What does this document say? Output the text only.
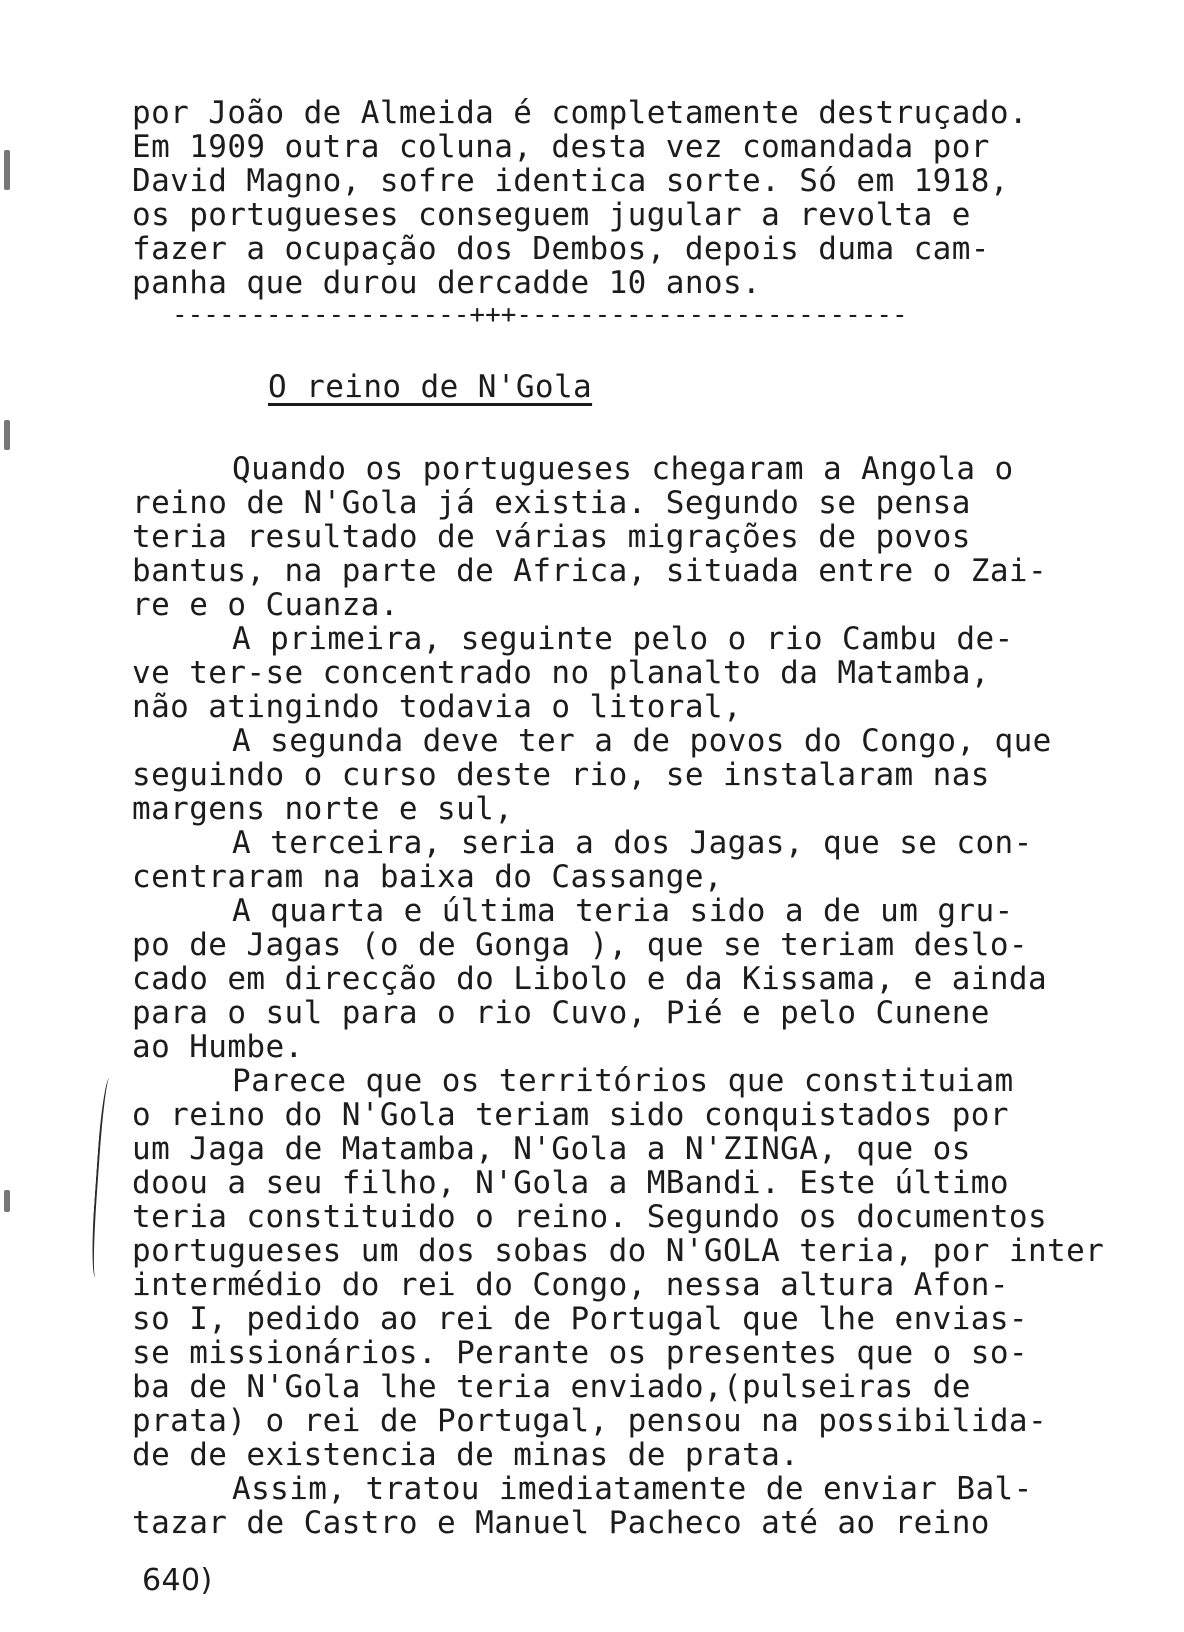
por João de Almeida é completamente destruçado.
Em 1909 outra coluna, desta vez comandada por
David Magno, sofre identica sorte. Só em 1918,
os portugueses conseguem jugular a revolta e
fazer a ocupação dos Dembos, depois duma cam-
panha que durou dercadde 10 anos.
-------------------+++-------------------------
O reino de N'Gola
Quando os portugueses chegaram a Angola o
reino de N'Gola já existia. Segundo se pensa
teria resultado de várias migrações de povos
bantus, na parte de Africa, situada entre o Zai-
re e o Cuanza.
A primeira, seguinte pelo o rio Cambu de-
ve ter-se concentrado no planalto da Matamba,
não atingindo todavia o litoral,
A segunda deve ter a de povos do Congo, que
seguindo o curso deste rio, se instalaram nas
margens norte e sul,
A terceira, seria a dos Jagas, que se con-
centraram na baixa do Cassange,
A quarta e última teria sido a de um gru-
po de Jagas (o de Gonga ), que se teriam deslo-
cado em direcção do Libolo e da Kissama, e ainda
para o sul para o rio Cuvo, Pié e pelo Cunene
ao Humbe.
Parece que os territórios que constituiam
o reino do N'Gola teriam sido conquistados por
um Jaga de Matamba, N'Gola a N'ZINGA, que os
doou a seu filho, N'Gola a MBandi. Este último
teria constituido o reino. Segundo os documentos
portugueses um dos sobas do N'GOLA teria, por inter
intermédio do rei do Congo, nessa altura Afon-
so I, pedido ao rei de Portugal que lhe envias-
se missionários. Perante os presentes que o so-
ba de N'Gola lhe teria enviado,(pulseiras de
prata) o rei de Portugal, pensou na possibilida-
de de existencia de minas de prata.
Assim, tratou imediatamente de enviar Bal-
tazar de Castro e Manuel Pacheco até ao reino
640)
